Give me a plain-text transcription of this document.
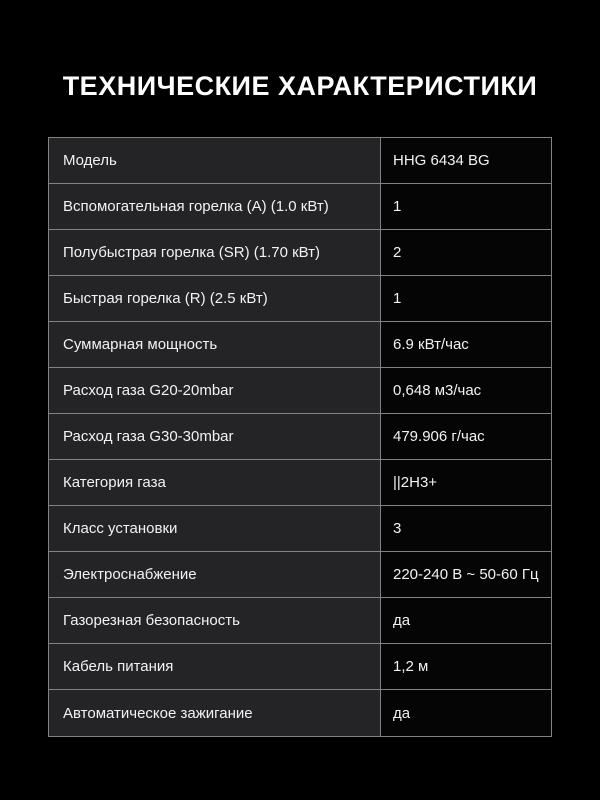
ТЕХНИЧЕСКИЕ ХАРАКТЕРИСТИКИ
Модель	HHG 6434 BG
Вспомогательная горелка (А) (1.0 кВт)	1
Полубыстрая горелка (SR) (1.70 кВт)	2
Быстрая горелка (R) (2.5 кВт)	1
Суммарная мощность	6.9 кВт/час
Расход газа G20-20mbar	0,648 м3/час
Расход газа G30-30mbar	479.906 г/час
Категория газа	||2H3+
Класс установки	3
Электроснабжение	220-240 В ~ 50-60 Гц
Газорезная безопасность	да
Кабель питания	1,2 м
Автоматическое зажигание	да
